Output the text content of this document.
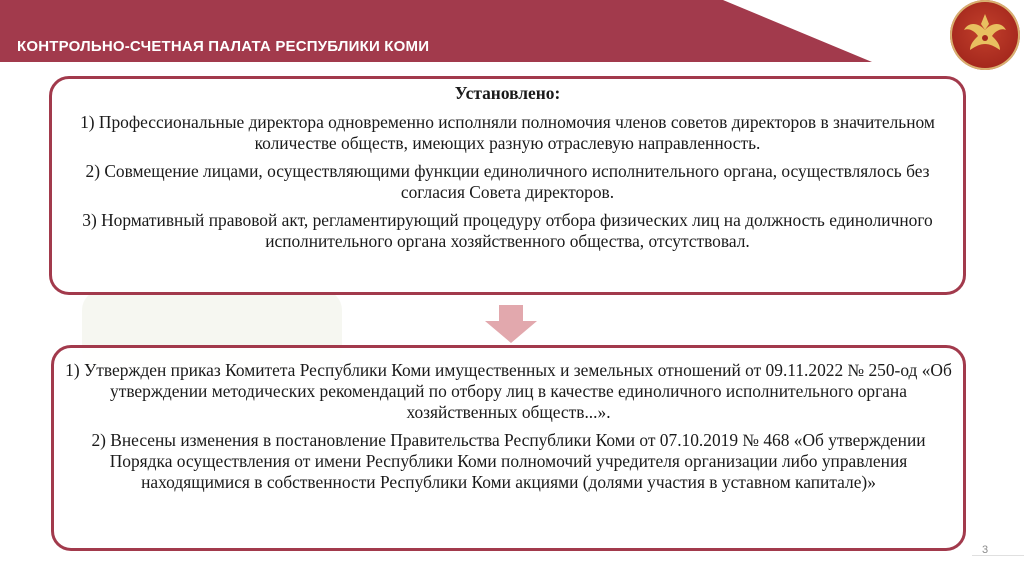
КОНТРОЛЬНО-СЧЕТНАЯ ПАЛАТА РЕСПУБЛИКИ КОМИ

Установлено:

1) Профессиональные директора одновременно исполняли полномочия членов советов директоров в значительном количестве обществ, имеющих разную отраслевую направленность.

2) Совмещение лицами, осуществляющими функции единоличного исполнительного органа, осуществлялось без согласия Совета директоров.

3) Нормативный правовой акт, регламентирующий процедуру отбора физических лиц на должность единоличного исполнительного органа хозяйственного общества, отсутствовал.

1) Утвержден приказ Комитета Республики Коми имущественных и земельных отношений от 09.11.2022 № 250-од «Об утверждении методических рекомендаций по отбору лиц в качестве единоличного исполнительного органа хозяйственных обществ...».

2) Внесены изменения в постановление Правительства Республики Коми от 07.10.2019 № 468 «Об утверждении Порядка осуществления от имени Республики Коми полномочий учредителя организации либо управления находящимися в собственности Республики Коми акциями (долями участия в уставном капитале)»

3
